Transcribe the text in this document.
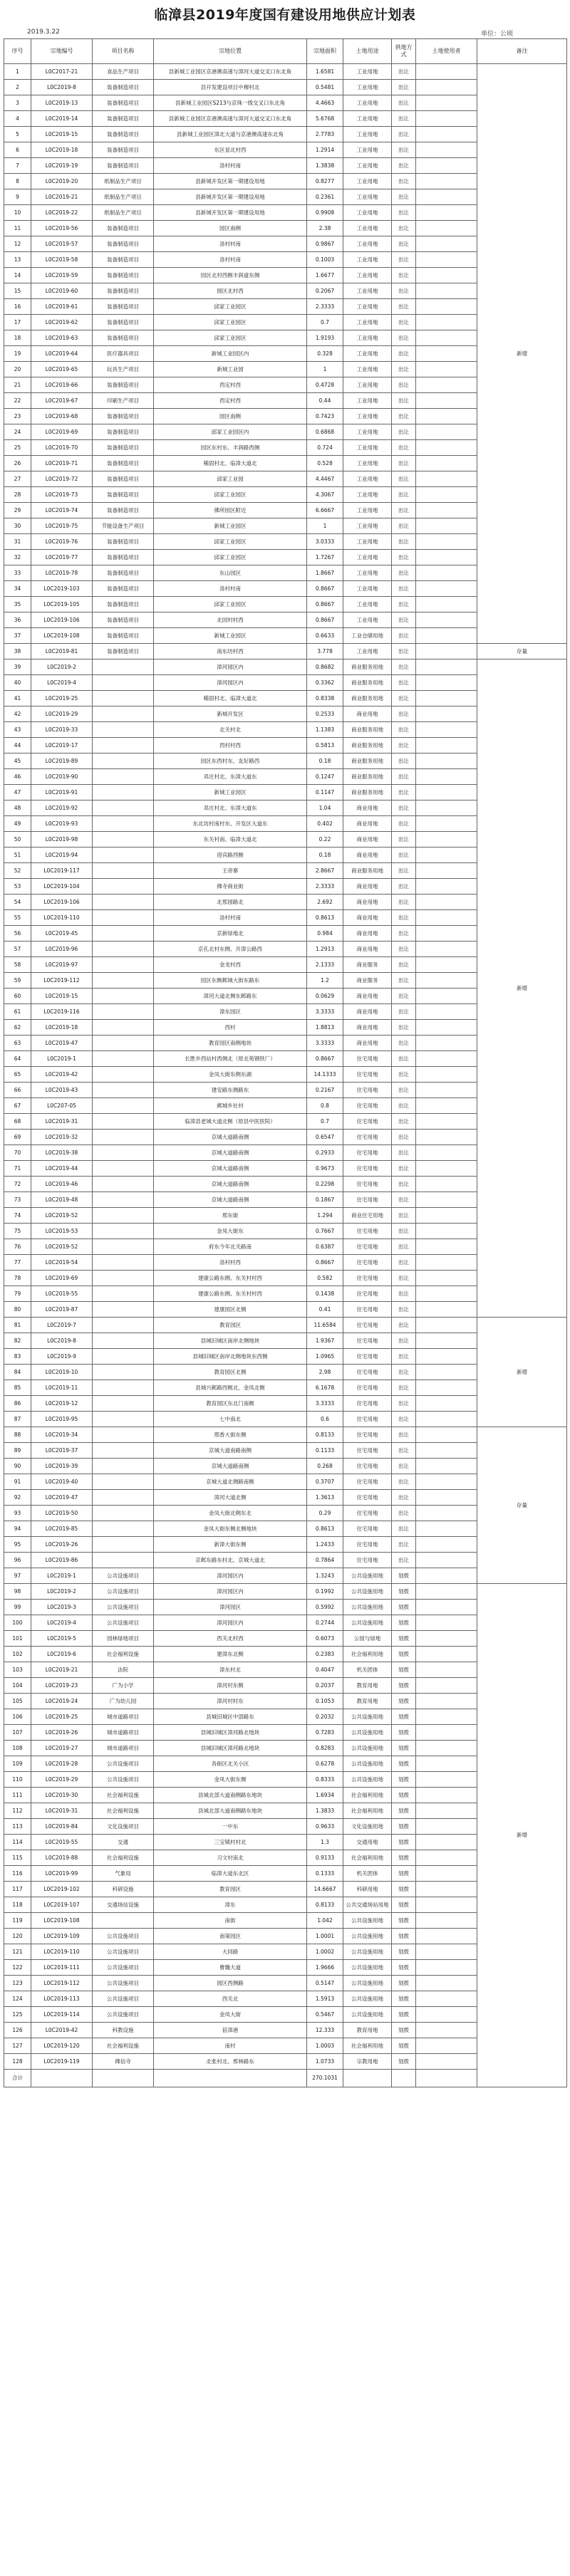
临漳县2019年度国有建设用地供应计划表
2019.3.22	单位：公顷
序号	宗地编号	项目名称	宗地位置	宗地面积	土地用途	供地方式	土地使用者	备注	
1	L0C2017-21	食品生产项目	县新城工业园区京港澳高速与漳河大道交叉口东北角	1.6581	工业用地	出让		新增	
2	L0C2019-8	装备制造项目	县开发建设项目中穆村北	0.5481	工业用地	出让			
3	L0C2019-13	装备制造项目	县新城工业园区S213与京珠一级交叉口东北角	4.4663	工业用地	出让			
4	L0C2019-14	装备制造项目	县新城工业园区京港澳高速与漳河大道交叉口东北角	5.6768	工业用地	出让			
5	L0C2019-15	装备制造项目	县新城工业园区漳北大道与京港澳高速东北角	2.7783	工业用地	出让			
6	L0C2019-18	装备制造项目	东区显北村西	1.2914	工业用地	出让			
7	L0C2019-19	装备制造项目	洛村村南	1.3838	工业用地	出让			
8	L0C2019-20	纸制品生产项目	县新城开发区第一期建设用地	0.8277	工业用地	出让			
9	L0C2019-21	纸制品生产项目	县新城开发区第一期建设用地	0.2361	工业用地	出让			
10	L0C2019-22	纸制品生产项目	县新城开发区第一期建设用地	0.9908	工业用地	出让			
11	L0C2019-56	装备制造项目	园区南侧	2.38	工业用地	出让			
12	L0C2019-57	装备制造项目	洛村村南	0.9867	工业用地	出让			
13	L0C2019-58	装备制造项目	洛村村南	0.1003	工业用地	出让			
14	L0C2019-59	装备制造项目	园区北村西侧丰润道东侧	1.6677	工业用地	出让			
15	L0C2019-60	装备制造项目	园区北村西	0.2067	工业用地	出让			
16	L0C2019-61	装备制造项目	邱家工业园区	2.3333	工业用地	出让			
17	L0C2019-62	装备制造项目	邱家工业园区	0.7	工业用地	出让			
18	L0C2019-63	装备制造项目	邱家工业园区	1.9193	工业用地	出让			
19	L0C2019-64	医疗器具项目	新城工业园区内	0.328	工业用地	出让			
20	L0C2019-65	玩具生产项目	新城工业园	1	工业用地	出让			
21	L0C2019-66	装备制造项目	西定村西	0.4728	工业用地	出让			
22	L0C2019-67	印刷生产项目	西定村西	0.44	工业用地	出让			
23	L0C2019-68	装备制造项目	园区南侧	0.7423	工业用地	出让			
24	L0C2019-69	装备制造项目	邱家工业园区内	0.6868	工业用地	出让			
25	L0C2019-70	装备制造项目	园区东村东、丰润路西侧	0.724	工业用地	出让			
26	L0C2019-71	装备制造项目	稀固村北、临漳大道北	0.528	工业用地	出让			
27	L0C2019-72	装备制造项目	邱家工业园	4.4467	工业用地	出让			
28	L0C2019-73	装备制造项目	邱家工业园区	4.3067	工业用地	出让			
29	L0C2019-74	装备制造项目	佛所园区附近	6.6667	工业用地	出让			
30	L0C2019-75	节能设备生产项目	新城工业园区	1	工业用地	出让			
31	L0C2019-76	装备制造项目	邱家工业园区	3.0333	工业用地	出让			
32	L0C2019-77	装备制造项目	邱家工业园区	1.7267	工业用地	出让			
33	L0C2019-78	装备制造项目	东山园区	1.8667	工业用地	出让			
34	L0C2019-103	装备制造项目	洛村村南	0.8667	工业用地	出让			
35	L0C2019-105	装备制造项目	邱家工业园区	0.8667	工业用地	出让			
36	L0C2019-106	装备制造项目	北园村村西	0.8667	工业用地	出让			
37	L0C2019-108	装备制造项目	新城工业园区	0.6633	工业仓储用地	出让			
38	L0C2019-81	装备制造项目	南东坊村西	3.778	工业用地	出让		存量	
39	L0C2019-2		漳河园区内	0.8682	商业服务用地	出让		新增	
40	L0C2019-4		漳河园区内	0.3362	商业服务用地	出让			
41	L0C2019-25		稀固村北、临漳大道北	0.8338	商业服务用地	出让			
42	L0C2019-29		新城开发区	0.2533	商业用地	出让			
43	L0C2019-33		北关村北	1.1383	商业服务用地	出让			
44	L0C2019-17		西村村西	0.5813	商业服务用地	出让			
45	L0C2019-89		园区东西村东、友好路西	0.18	商业服务用地	出让			
46	L0C2019-90		邓庄村北、东漳大道东	0.1247	商业服务用地	出让			
47	L0C2019-91		新城工业园区	0.1147	商业服务用地	出让			
48	L0C2019-92		邓庄村北、东漳大道东	1.04	商业用地	出让			
49	L0C2019-93		东北坊村南村东、开发区大道东	0.402	商业用地	出让			
50	L0C2019-98		东关村南、临漳大道北	0.22	商业用地	出让			
51	L0C2019-94		迎宾路西侧	0.18	商业用地	出让			
52	L0C2019-117		王帝寨	2.8667	商业服务用地	出让			
53	L0C2019-104		佛寺商业街	2.3333	商业用地	出让			
54	L0C2019-106		北邢园路北	2.692	商业用地	出让			
55	L0C2019-110		洛村村南	0.8613	商业用地	出让			
56	L0C2019-45		京新绿地北	0.984	商业用地	出让			
57	L0C2019-96		京孔北村东侧、开漳公路西	1.2913	商业用地	出让			
58	L0C2019-97		金龙村西	2.1333	商业服务	出让			
59	L0C2019-112		园区东侧邺城大街东路东	1.2	商业服务	出让			
60	L0C2019-15		漳河大道北侧东邺路东	0.0629	商业用地	出让			
61	L0C2019-116		漳东园区	3.3333	商业用地	出让			
62	L0C2019-18		西村	1.8813	商业用地	出让			
63	L0C2019-47		教育园区南侧地块	3.3333	商业用地	出让			
64	L0C2019-1		长胜乡西站村西侧北（原北苑钢铁厂）	0.8667	住宅用地	出让			
65	L0C2019-42		金凤大街东侧东湖	14.1333	住宅用地	出让			
66	L0C2019-43		建安路东侧路东	0.2167	住宅用地	出让			
67	L0C207-05		邺城乡社村	0.8	住宅用地	出让			
68	L0C2019-31		临漳县老城大道北侧（原县中医医院）	0.7	住宅用地	出让			
69	L0C2019-32		京城大道路南侧	0.6547	住宅用地	出让			
70	L0C2019-38		京城大道路南侧	0.2933	住宅用地	出让			
71	L0C2019-44		京城大道路南侧	0.9673	住宅用地	出让			
72	L0C2019-46		京城大道路南侧	0.2298	住宅用地	出让			
73	L0C2019-48		京城大道路南侧	0.1867	住宅用地	出让			
74	L0C2019-52		邢东街	1.294	商业住宅用地	出让			
75	L0C2019-53		金凤大街东	0.7667	住宅用地	出让			
76	L0C2019-52		府东今年北关路南	0.6387	住宅用地	出让			
77	L0C2019-54		洛村村西	0.8667	住宅用地	出让			
78	L0C2019-69		建康公路东侧、东关村村西	0.582	住宅用地	出让			
79	L0C2019-55		建康公路东侧、东关村村西	0.1438	住宅用地	出让			
80	L0C2019-87		建康园区北侧	0.41	住宅用地	出让			
81	L0C2019-7		教育园区	11.6584	住宅用地	出让		新增	
82	L0C2019-8		县城旧城区南岸北侧地块	1.9367	住宅用地	出让			
83	L0C2019-9		县城旧城区南岸北侧地块东西侧	1.0965	住宅用地	出让			
84	L0C2019-10		教育园区北侧	2.98	住宅用地	出让			
85	L0C2019-11		县城兴邺路西侧北、金凤北侧	6.1678	住宅用地	出让			
86	L0C2019-12		教育园区东北门南侧	3.3333	住宅用地	出让			
87	L0C2019-95		七中南北	0.6	住宅用地	出让			
88	L0C2019-34		邢香大街东侧	0.8133	住宅用地	出让		存量	
89	L0C2019-37		京城大道南路南侧	0.1133	住宅用地	出让			
90	L0C2019-39		京城大道路南侧	0.268	住宅用地	出让			
91	L0C2019-40		京城大道北侧路南侧	0.3707	住宅用地	出让			
92	L0C2019-47		漳河大道北侧	1.3613	住宅用地	出让			
93	L0C2019-50		金凤大街北侧东北	0.29	住宅用地	出让			
94	L0C2019-85		金凤大街东侧北侧地块	0.8613	住宅用地	出让			
95	L0C2019-26		新漳大街东侧	1.2433	住宅用地	出让			
96	L0C2019-86		京邺东路东村北、京城大道北	0.7864	住宅用地	出让			
97	L0C2019-1	公共设施项目	漳河园区内	1.3243	公共设施用地	划拨			
98	L0C2019-2	公共设施项目	漳河园区内	0.1992	公共设施用地	划拨		新增	
99	L0C2019-3	公共设施项目	漳河园区	0.5992	公共设施用地	划拨			
100	L0C2019-4	公共设施项目	漳河园区内	0.2744	公共设施用地	划拨			
101	L0C2019-5	园林绿地项目	西关北村西	0.6073	公园与绿地	划拨			
102	L0C2019-6	社会福利设施	建漳东北侧	0.2383	社会福利用地	划拨			
103	L0C2019-21	法院	漳东村北	0.4047	机关团体	划拨			
104	L0C2019-23	广为小学	漳河村东侧	0.2037	教育用地	划拨			
105	L0C2019-24	广为幼儿园	漳河村村东	0.1053	教育用地	划拨			
106	L0C2019-25	城市道路项目	县城旧城区中部路东	0.2032	公共设施用地	划拨			
107	L0C2019-26	城市道路项目	县城旧城区漳河路北地块	0.7283	公共设施用地	划拨			
108	L0C2019-27	城市道路项目	县城旧城区漳河路北地块	0.8283	公共设施用地	划拨			
109	L0C2019-28	公共设施项目	各街区北关小区	0.6278	公共设施用地	划拨			
110	L0C2019-29	公共设施项目	金凤大街东侧	0.8333	公共设施用地	划拨			
111	L0C2019-30	社会福利设施	县城北部大道南侧路东地块	1.6934	社会福利用地	划拨			
112	L0C2019-31	社会福利设施	县城北部大道南侧路东地块	1.3833	社会福利用地	划拨			
113	L0C2019-84	文化设施项目	一中东	0.9633	文化设施用地	划拨			
114	L0C2019-55	交通	三宝镇村村北	1.3	交通用地	划拨			
115	L0C2019-88	社会福利设施	习文村南北	0.9133	社会福利用地	划拨			
116	L0C2019-99	气象局	临漳大道东北区	0.1333	机关团体	划拨			
117	L0C2019-102	科研设施	教育园区	14.6667	科研用地	划拨			
118	L0C2019-107	交通场站设施	漳东	0.8133	公共交通场站用地	划拨			
119	L0C2019-108		南街	1.042	公共设施用地	划拨			
120	L0C2019-109	公共设施项目	南第园区	1.0001	公共设施用地	划拨			
121	L0C2019-110	公共设施项目	大同路	1.0002	公共设施用地	划拨			
122	L0C2019-111	公共设施项目	曹魏大道	1.9666	公共设施用地	划拨			
123	L0C2019-112	公共设施项目	园区西侧路	0.5147	公共设施用地	划拨			
124	L0C2019-113	公共设施项目	西关北	1.5913	公共设施用地	划拨			
125	L0C2019-114	公共设施项目	金凤大街	0.5467	公共设施用地	划拨			
126	L0C2019-42	科教设施	倍漳港	12.333	教育用地	划拨			
127	L0C2019-120	社会福利设施	南村	1.0003	社会福利用地	划拨			
128	L0C2019-119	佛信寺	北张村北、邢林路东	1.0733	宗教用地	划拨			
合计				270.1031					
